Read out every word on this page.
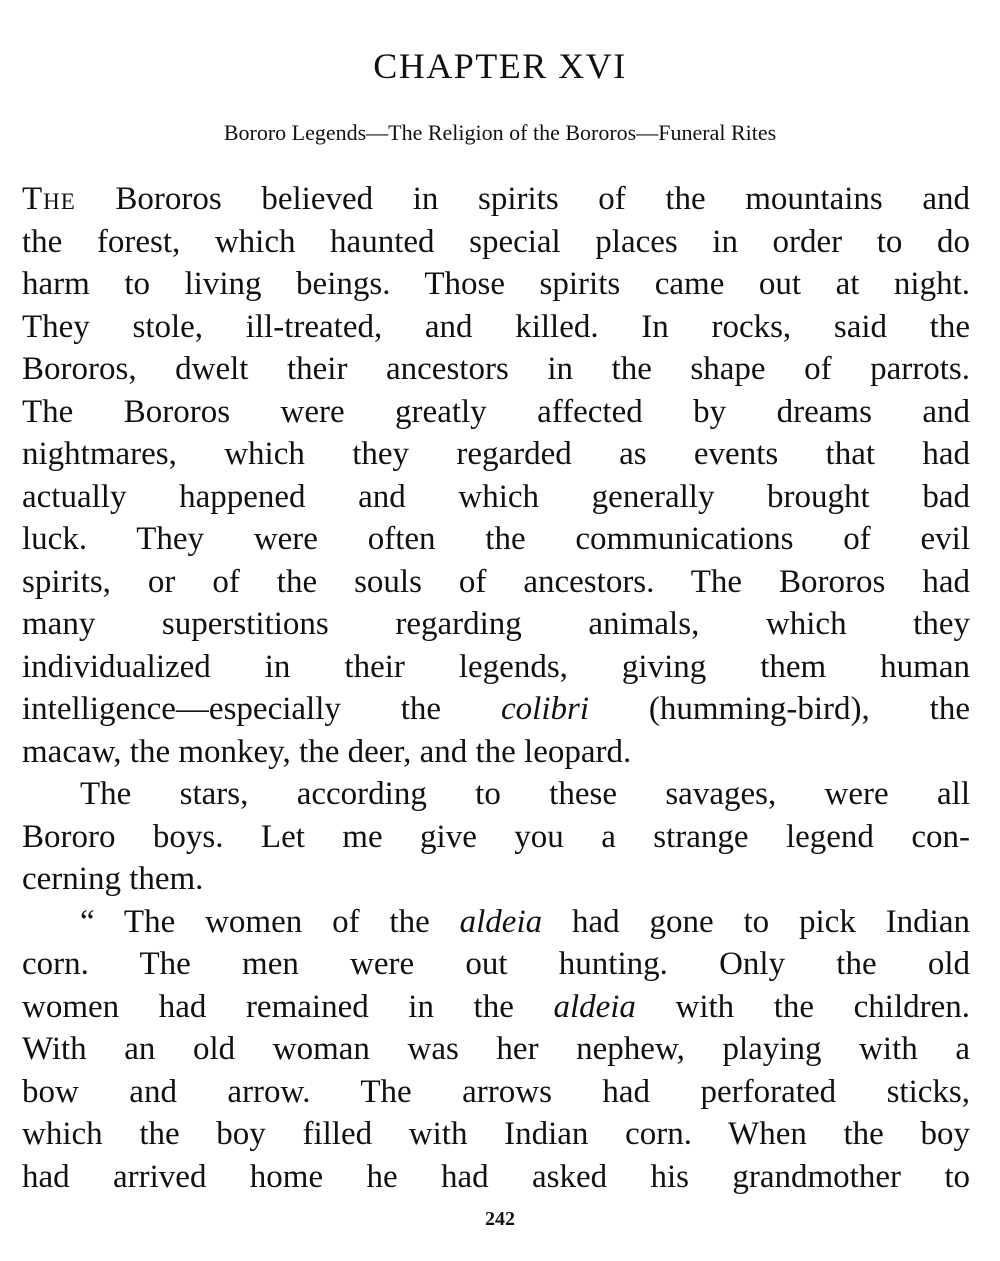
CHAPTER XVI
Bororo Legends—The Religion of the Bororos—Funeral Rites
The Bororos believed in spirits of the mountains and
the forest, which haunted special places in order to do
harm to living beings. Those spirits came out at night.
They stole, ill-treated, and killed. In rocks, said the
Bororos, dwelt their ancestors in the shape of parrots.
The Bororos were greatly affected by dreams and
nightmares, which they regarded as events that had
actually happened and which generally brought bad
luck. They were often the communications of evil
spirits, or of the souls of ancestors. The Bororos had
many superstitions regarding animals, which they
individualized in their legends, giving them human
intelligence—especially the colibri (humming-bird), the
macaw, the monkey, the deer, and the leopard.
The stars, according to these savages, were all
Bororo boys. Let me give you a strange legend con-
cerning them.
“ The women of the aldeia had gone to pick Indian
corn. The men were out hunting. Only the old
women had remained in the aldeia with the children.
With an old woman was her nephew, playing with a
bow and arrow. The arrows had perforated sticks,
which the boy filled with Indian corn. When the boy
had arrived home he had asked his grandmother to
242
